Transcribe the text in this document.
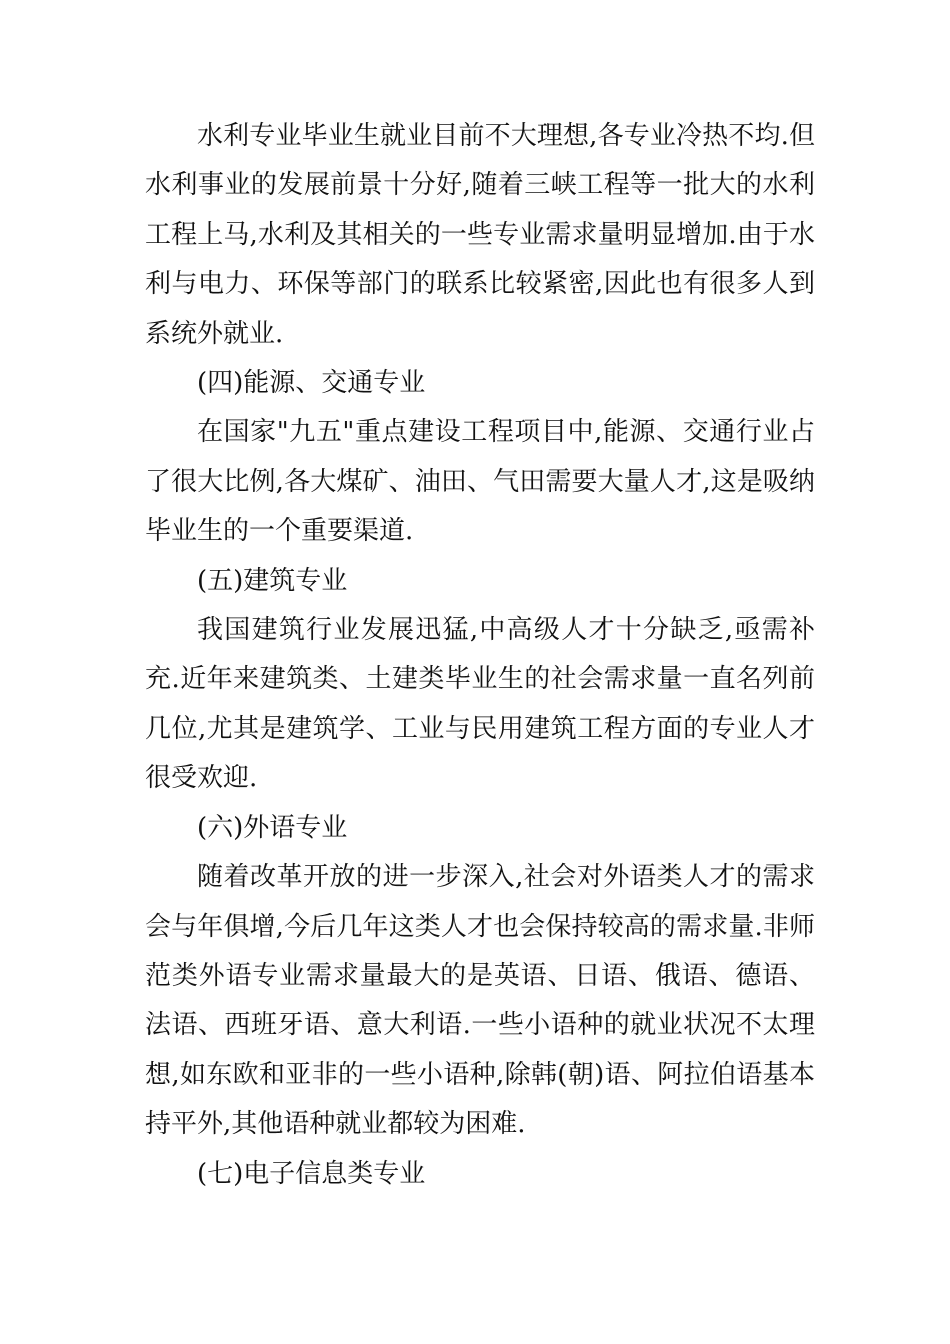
水利专业毕业生就业目前不大理想,各专业冷热不均.但水利事业的发展前景十分好,随着三峡工程等一批大的水利工程上马,水利及其相关的一些专业需求量明显增加.由于水利与电力、环保等部门的联系比较紧密,因此也有很多人到系统外就业.

(四)能源、交通专业

在国家"九五"重点建设工程项目中,能源、交通行业占了很大比例,各大煤矿、油田、气田需要大量人才,这是吸纳毕业生的一个重要渠道.

(五)建筑专业

我国建筑行业发展迅猛,中高级人才十分缺乏,亟需补充.近年来建筑类、土建类毕业生的社会需求量一直名列前几位,尤其是建筑学、工业与民用建筑工程方面的专业人才很受欢迎.

(六)外语专业

随着改革开放的进一步深入,社会对外语类人才的需求会与年俱增,今后几年这类人才也会保持较高的需求量.非师范类外语专业需求量最大的是英语、日语、俄语、德语、法语、西班牙语、意大利语.一些小语种的就业状况不太理想,如东欧和亚非的一些小语种,除韩(朝)语、阿拉伯语基本持平外,其他语种就业都较为困难.

(七)电子信息类专业
